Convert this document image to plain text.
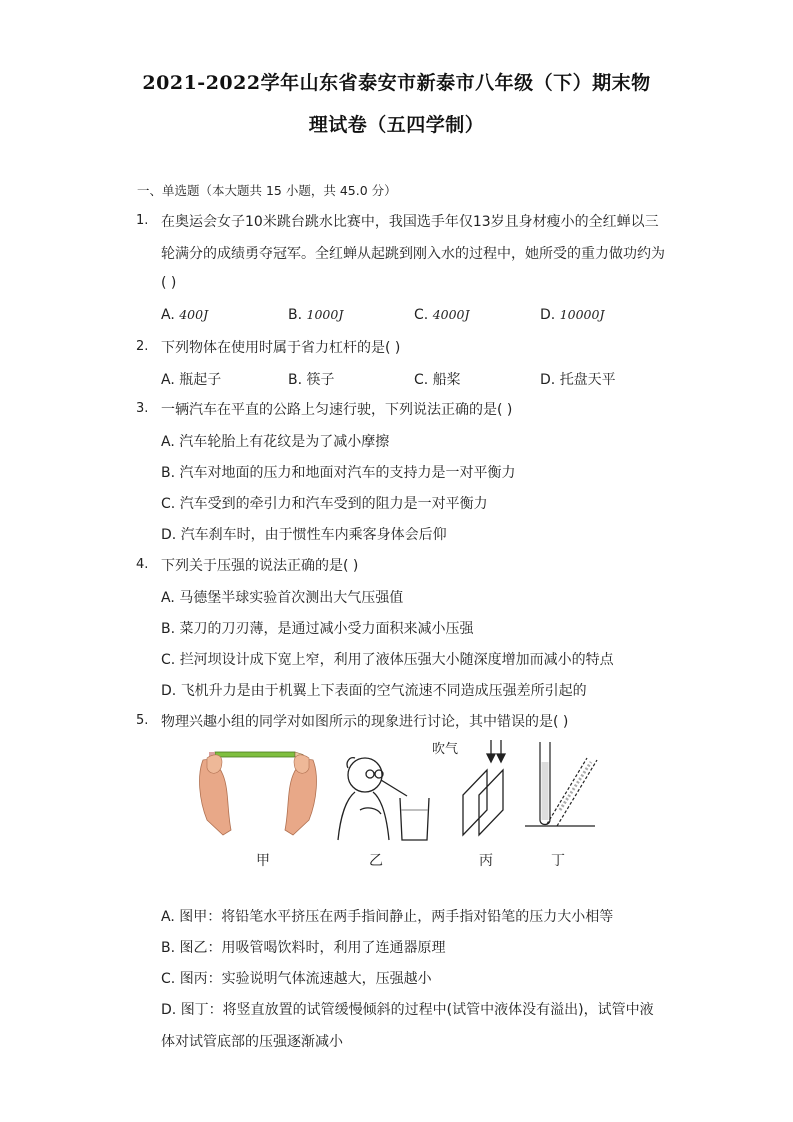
2021-2022学年山东省泰安市新泰市八年级（下）期末物
理试卷（五四学制）
一、单选题（本大题共 15 小题，共 45.0 分）
1. 在奥运会女子10米跳台跳水比赛中，我国选手年仅13岁且身材瘦小的全红蝉以三
轮满分的成绩勇夺冠军。全红蝉从起跳到刚入水的过程中，她所受的重力做功约为
( )
A. 400J	B. 1000J	C. 4000J	D. 10000J
2. 下列物体在使用时属于省力杠杆的是( )
A. 瓶起子	B. 筷子	C. 船桨	D. 托盘天平
3. 一辆汽车在平直的公路上匀速行驶，下列说法正确的是( )
A. 汽车轮胎上有花纹是为了减小摩擦
B. 汽车对地面的压力和地面对汽车的支持力是一对平衡力
C. 汽车受到的牵引力和汽车受到的阻力是一对平衡力
D. 汽车刹车时，由于惯性车内乘客身体会后仰
4. 下列关于压强的说法正确的是( )
A. 马德堡半球实验首次测出大气压强值
B. 菜刀的刀刃薄，是通过减小受力面积来减小压强
C. 拦河坝设计成下宽上窄，利用了液体压强大小随深度增加而减小的特点
D. 飞机升力是由于机翼上下表面的空气流速不同造成压强差所引起的
5. 物理兴趣小组的同学对如图所示的现象进行讨论，其中错误的是( )
吹气
甲	乙	丙	丁
A. 图甲：将铅笔水平挤压在两手指间静止，两手指对铅笔的压力大小相等
B. 图乙：用吸管喝饮料时，利用了连通器原理
C. 图丙：实验说明气体流速越大，压强越小
D. 图丁：将竖直放置的试管缓慢倾斜的过程中(试管中液体没有溢出)，试管中液
体对试管底部的压强逐渐减小
